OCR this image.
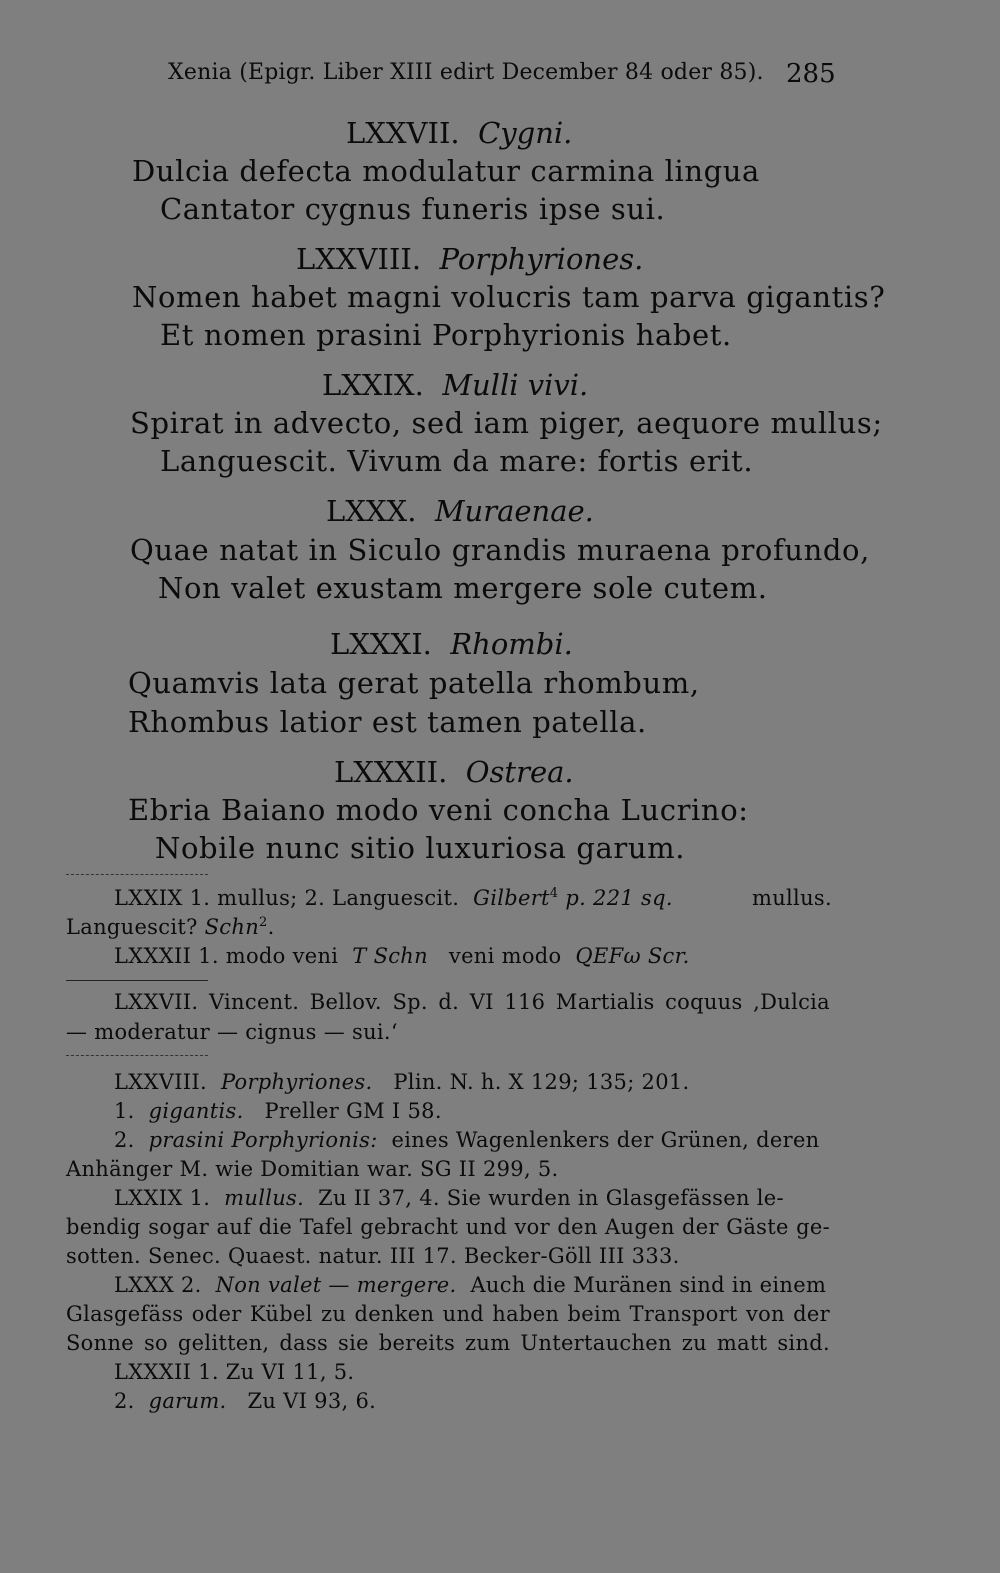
Xenia (Epigr. Liber XIII edirt December 84 oder 85). 285
LXXVII. Cygni.
Dulcia defecta modulatur carmina lingua
Cantator cygnus funeris ipse sui.
LXXVIII. Porphyriones.
Nomen habet magni volucris tam parva gigantis?
Et nomen prasini Porphyrionis habet.
LXXIX. Mulli vivi.
Spirat in advecto, sed iam piger, aequore mullus;
Languescit. Vivum da mare: fortis erit.
LXXX. Muraenae.
Quae natat in Siculo grandis muraena profundo,
Non valet exustam mergere sole cutem.
LXXXI. Rhombi.
Quamvis lata gerat patella rhombum,
Rhombus latior est tamen patella.
LXXXII. Ostrea.
Ebria Baiano modo veni concha Lucrino:
Nobile nunc sitio luxuriosa garum.
LXXIX 1. mullus; 2. Languescit. Gilbert$^4$ p. 221 sq.	mullus.
Languescit? Schn$^2$.
LXXXII 1. modo veni T Schn veni modo QEFω Scr.
LXXVII. Vincent. Bellov. Sp. d. VI 116 Martialis coquus ,Dulcia
— moderatur — cignus — sui.‘
LXXVIII. Porphyriones. Plin. N. h. X 129; 135; 201.
1. gigantis. Preller GM I 58.
2. prasini Porphyrionis: eines Wagenlenkers der Grünen, deren
Anhänger M. wie Domitian war. SG II 299, 5.
LXXIX 1. mullus. Zu II 37, 4. Sie wurden in Glasgefässen le-
bendig sogar auf die Tafel gebracht und vor den Augen der Gäste ge-
sotten. Senec. Quaest. natur. III 17. Becker-Göll III 333.
LXXX 2. Non valet — mergere. Auch die Muränen sind in einem
Glasgefäss oder Kübel zu denken und haben beim Transport von der
Sonne so gelitten, dass sie bereits zum Untertauchen zu matt sind.
LXXXII 1. Zu VI 11, 5.
2. garum. Zu VI 93, 6.
